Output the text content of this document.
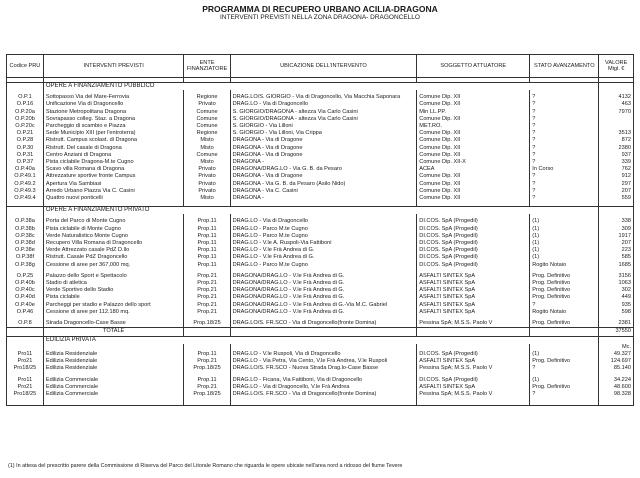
PROGRAMMA DI RECUPERO URBANO ACILIA-DRAGONA
INTERVENTI PREVISTI NELLA ZONA DRAGONA- DRAGONCELLO
Codice PRU	INTERVENTI PREVISTI	ENTE FINANZIATORE	UBICAZIONE DELL'INTERVENTO	SOGGETTO ATTUATORE	STATO AVANZAMENTO	VALORE Migl. €

	OPERE A FINANZIAMENTO PUBBLICO					

O.P.1	Sottopasso Via del Mare-Ferrovia	Regione	DRAG.LO/S. GIORGIO - Via di Dragoncello, Via Macchia Saponara	Comune Dip. XII	?	4132
O.P.16	Unificazione Via di Dragoncello	Privato	DRAG.LO - Via di Dragoncello	Comune Dip. XII	?	463
O.P.20a	Stazione Metropolitana Dragona	Comune	S. GIORGIO/DRAGONA - altezza Via Carlo Casini	Min LL.PP.	?	7970
O.P.20b	Sovrapasso colleg. Staz. a Dragona	Comune	S. GIORGIO/DRAGONA - altezza Via Carlo Casini	Comune Dip. XII	?	
O.P.20c	Parcheggio di scambio e Piazza	Comune	S. GIORGIO - Via Lilloni	MET.RO.	?	
O.P.21	Sede Municipio XIII (per l'entroterra)	Regione	S. GIORGIO - Via Lilloni, Via Crippa	Comune Dip. XII	?	3513
O.P.28	Ristrutt. Campus scolast. di Dragona	Misto	DRAGONA - Via di Dragone	Comune Dip. XII	?	872
O.P.30	Ristrutt. Del casale di Dragona	Misto	DRAGONA - Via di Dragone	Comune Dip. XII	?	2380
O.P.31	Centro Anziani di Dragona	Comune	DRAGONA - Via di Dragone	Comune Dip. XII	?	937
O.P.37	Pista ciclabile Dragona-M.te Cugno	Misto	DRAGONA -	Comune Dip. XII-X	?	339
O.P.40a	Scavo villa Romana di Dragona	Privato	DRAGONA/DRAG.LO - Via G. B. da Pesaro	ACEA	In Corso	762
O.P.49.1	Attrezzature sportive fronte Campus	Privato	DRAGONA - Via di Dragone	Comune Dip. XII	?	912
O.P.49.2	Apertura Via Sambiasi	Privato	DRAGONA - Via G. B. da Pesaro (Asilo Nido)	Comune Dip. XII	?	297
O.P.49.3	Arredo Urbano Piazza Via C. Casini	Privato	DRAGONA - Via C. Casini	Comune Dip. XII	?	207
O.P.49.4	Quattro nuovi ponticelli	Misto	DRAGONA -	Comune Dip. XII	?	559

	OPERE A FINANZIAMENTO PRIVATO					

O.P.38a	Porta del Parco di Monte Cugno	Prop.11	DRAG.LO - Via di Dragoncello	DI.COS. SpA (Progedil)	(1)	338
O.P.38b	Pista ciclabile di Monte Cugno	Prop.11	DRAG.LO - Parco M.te Cugno	DI.COS. SpA (Progedil)	(1)	309
O.P.38c	Verde Naturalistico Monte Cugno	Prop.11	DRAG.LO - Parco M.te Cugno	DI.COS. SpA (Progedil)	(1)	1917
O.P.38d	Recupero Villa Romana di Dragoncello	Prop.11	DRAG.LO - V.le A. Ruspoli-Via Fattiboni	DI.COS. SpA (Progedil)	(1)	207
O.P.38e	Verde Attrezzato casale PdZ D.llo	Prop.11	DRAG.LO - V.le Frà Andrea di G.	DI.COS. SpA (Progedil)	(1)	223
O.P.38f	Ristrutt. Casale PdZ Dragoncello	Prop.11	DRAG.LO - V.le Frà Andrea di G.	DI.COS. SpA (Progedil)	(1)	585
O.P.38g	Cessione di aree per 367,000 mq.	Prop.11	DRAG.LO - Parco M.te Cugno	DI.COS. SpA (Progedil)	Rogito Notaio	1685

O.P.25	Palazzo dello Sport e Spettacolo	Prop.21	DRAGONA/DRAG.LO - V.le Frà Andrea di G.	ASFALTI SINTEX SpA	Prog. Definitivo	3156
O.P.40b	Stadio di atletica	Prop.21	DRAGONA/DRAG.LO - V.le Frà Andrea di G.	ASFALTI SINTEX SpA	Prog. Definitivo	1063
O.P.40c	Verde Sportivo dello Stadio	Prop.21	DRAGONA/DRAG.LO - V.le Frà Andrea di G.	ASFALTI SINTEX SpA	Prog. Definitivo	302
O.P.40d	Pista ciclabile	Prop.21	DRAGONA/DRAG.LO - V.le Frà Andrea di G.	ASFALTI SINTEX SpA	Prog. Definitivo	449
O.P.40e	Parcheggi per stadio e Palazzo dello sport	Prop.21	DRAGONA/DRAG.LO - V.le Frà Andrea di G.-Via M.C. Gabriel	ASFALTI SINTEX SpA	?	935
O.P.46	Cessione di aree per 112.180 mq.	Prop.21	DRAGONA/DRAG.LO - V.le Frà Andrea di G.	ASFALTI SINTEX SpA	Rogito Notaio	598

O.P.8	Strada Dragoncello-Case Basse	Prop.18/25	DRAG.LO/S. FR.SCO - Via di Dragoncello(fronte Domina)	Pessina SpA; M.S.S. Paolo V	Prog. Definitivo	2381
	TOTALE					37550
	EDILIZIA PRIVATA					
						Mc.
Pro11	Edilizia Residenziale	Prop.11	DRAG.LO - V.le Ruspoli, Via di Dragoncello	DI.COS. SpA (Progedil)	(1)	49.327
Pro21	Edilizia Residenziale	Prop.21	DRAG.LO - Via Petra, Via Cento, V.le Frà Andrea, V.le Ruspoli	ASFALTI SINTEX SpA	Prog. Definitivo	124.697
Pro18/25	Edilizia Residenziale	Prop.18/25	DRAG.LO/S. FR.SCO - Nuova Strada Drag.lo-Case Basse	Pessina SpA; M.S.S. Paolo V	?	85.140

Pro11	Edilizia Commerciale	Prop.11	DRAG.LO - Ficana, Via Fattiboni, Via di Dragoncello	DI.COS. SpA (Progedil)	(1)	34.224
Pro21	Edilizia Commerciale	Prop.21	DRAG.LO - Via di Dragoncello, V.le Frà Andrea	ASFALTI SINTEX SpA	Prog. Definitivo	48.600
Pro18/25	Edilizia Commerciale	Prop.18/25	DRAG.LO/S. FR.SCO - Via di Dragoncello(fronte Domina)	Pessina SpA; M.S.S. Paolo V	?	98.328

(1) In attesa del prescritto parere della Commissione di Riserva del Parco del Litorale Romano che riguarda le opere ubicate nell'area nord a ridosso del fiume Tevere
